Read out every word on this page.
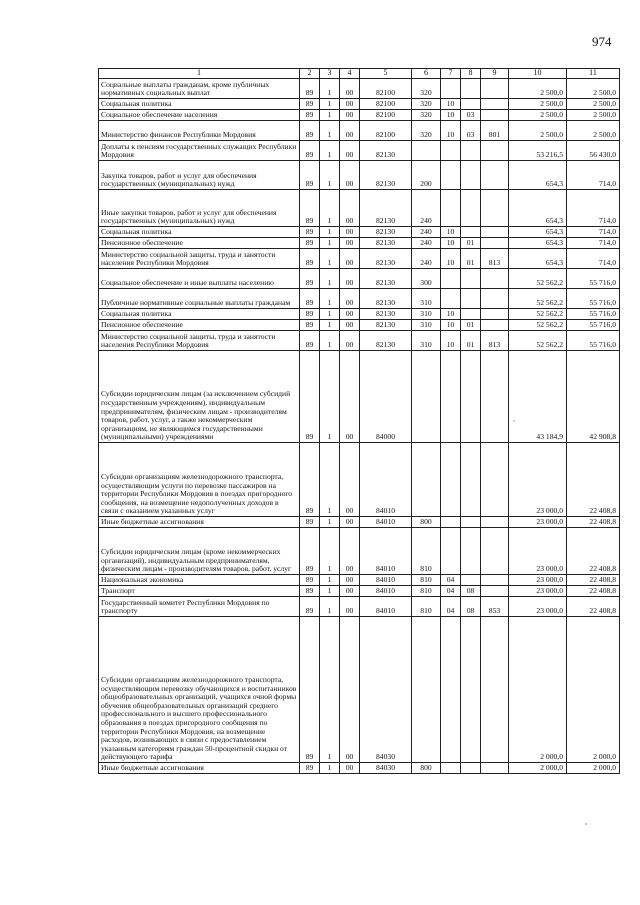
974
1	2	3	4	5	6	7	8	9	10	11
Социальные выплаты гражданам, кроме публичных нормативных социальных выплат	89	1	00	82100	320				2 500,0	2 500,0
Социальная политика	89	1	00	82100	320	10			2 500,0	2 500,0
Социальное обеспечение населения	89	1	00	82100	320	10	03		2 500,0	2 500,0
Министерство финансов Республики Мордовия	89	1	00	82100	320	10	03	801	2 500,0	2 500,0
Доплаты к пенсиям государственных служащих Республики Мордовия	89	1	00	82130					53 216,5	56 430,0
Закупка товаров, работ и услуг для обеспечения государственных (муниципальных) нужд	89	1	00	82130	200				654,3	714,0
Иные закупки товаров, работ и услуг для обеспечения государственных (муниципальных) нужд	89	1	00	82130	240				654,3	714,0
Социальная политика	89	1	00	82130	240	10			654,3	714,0
Пенсионное обеспечение	89	1	00	82130	240	10	01		654,3	714,0
Министерство социальной защиты, труда и занятости населения Республики Мордовия	89	1	00	82130	240	10	01	813	654,3	714,0
Социальное обеспечение и иные выплаты населению	89	1	00	82130	300				52 562,2	55 716,0
Публичные нормативные социальные выплаты гражданам	89	1	00	82130	310				52 562,2	55 716,0
Социальная политика	89	1	00	82130	310	10			52 562,2	55 716,0
Пенсионное обеспечение	89	1	00	82130	310	10	01		52 562,2	55 716,0
Министерство социальной защиты, труда и занятости населения Республики Мордовия	89	1	00	82130	310	10	01	813	52 562,2	55 716,0
Субсидии юридическим лицам (за исключением субсидий государственным учреждениям), индивидуальным предпринимателям, физическим лицам - производителям товаров, работ, услуг, а также некоммерческим организациям, не являющимся государственными (муниципальными) учреждениями	89	1	00	84000					43 184,9	42 908,8
Субсидии организациям железнодорожного транспорта, осуществляющим услуги по перевозке пассажиров на территории Республики Мордовия в поездах пригородного сообщения, на возмещение недополученных доходов в связи с оказанием указанных услуг	89	1	00	84010					23 000,0	22 408,8
Иные бюджетные ассигнования	89	1	00	84010	800				23 000,0	22 408,8
Субсидии юридическим лицам (кроме некоммерческих организаций), индивидуальным предпринимателям, физическим лицам - производителям товаров, работ, услуг	89	1	00	84010	810				23 000,0	22 408,8
Национальная экономика	89	1	00	84010	810	04			23 000,0	22 408,8
Транспорт	89	1	00	84010	810	04	08		23 000,0	22 408,8
Государственный комитет Республики Мордовия по транспорту	89	1	00	84010	810	04	08	853	23 000,0	22 408,8
Субсидии организациям железнодорожного транспорта, осуществляющим перевозку обучающихся и воспитанников общеобразовательных организаций, учащихся очной формы обучения общеобразовательных организаций среднего профессионального и высшего профессионального образования в поездах пригородного сообщения по территории Республики Мордовия, на возмещение расходов, возникающих в связи с предоставлением указанным категориям граждан 50-процентной скидки от действующего тарифа	89	1	00	84030					2 000,0	2 000,0
Иные бюджетные ассигнования	89	1	00	84030	800				2 000,0	2 000,0
